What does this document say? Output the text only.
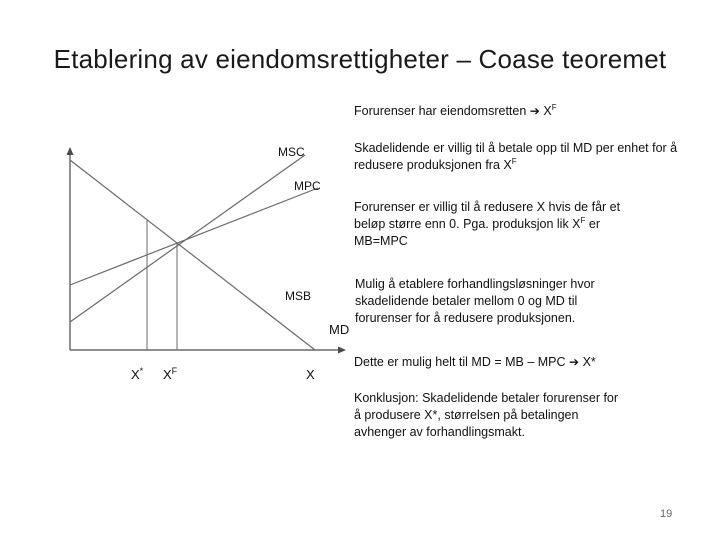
Etablering av eiendomsrettigheter – Coase teoremet
MSC
MPC
MSB
MD
X
X* $X^F$
Forurenser har eiendomsretten ➔ $X^F$
Skadelidende er villig til å betale opp til MD per enhet for å redusere produksjonen fra $X^F$
Forurenser er villig til å redusere X hvis de får et
beløp større enn 0. Pga. produksjon lik $X^F$ er
MB=MPC
Mulig å etablere forhandlingsløsninger hvor
skadelidende betaler mellom 0 og MD til
forurenser for å redusere produksjonen.
Dette er mulig helt til MD = MB – MPC ➔ X*
Konklusjon: Skadelidende betaler forurenser for
å produsere X*, størrelsen på betalingen
avhenger av forhandlingsmakt.
19
